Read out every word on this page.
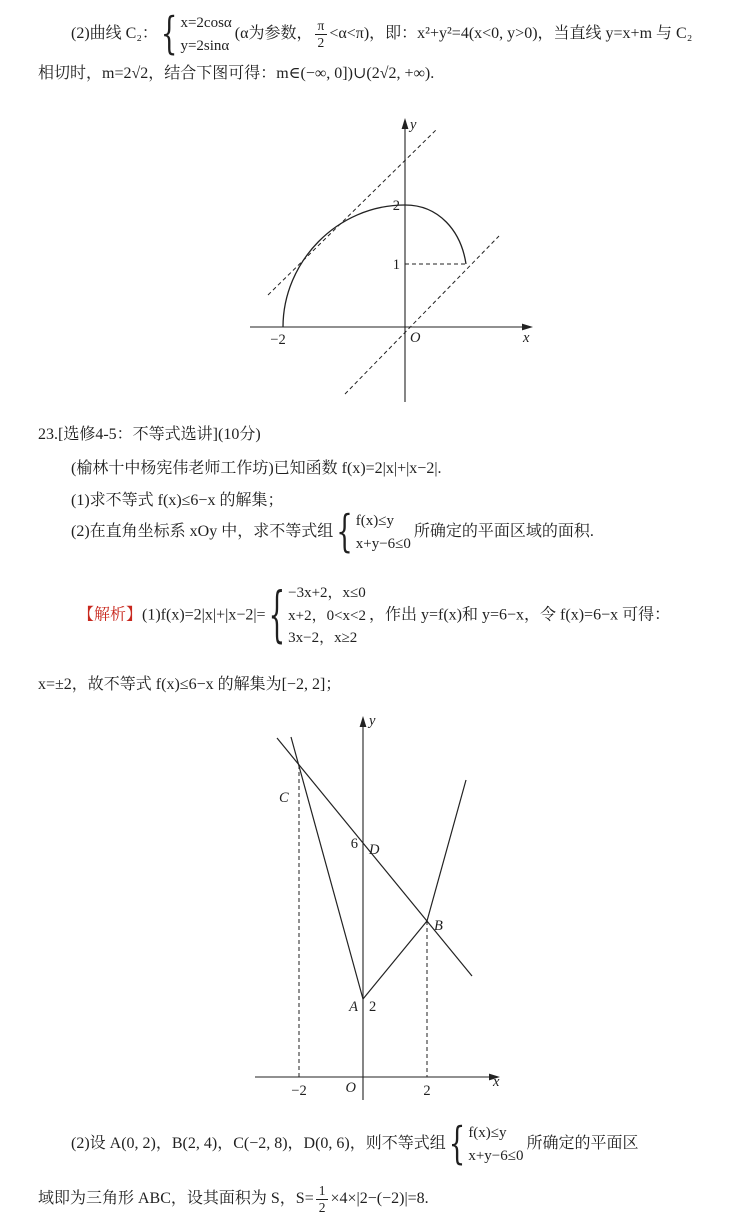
(2)曲线 C₂： { x=2cosα
y=2sinα
(α为参数， $\frac{\pi}{2} <\alpha<\pi$)，即：x²+y²=4(x<0, y>0)，当直线 y=x+m 与 C₂相切时，m=2√2，结合下图可得：m∈(−∞, 0])∪(2√2, +∞).
y
x
O
2
1
−2
23.[选修4-5：不等式选讲](10分)
(榆林十中杨宪伟老师工作坊)已知函数 f(x)=2|x|+|x−2|.
(1)求不等式 f(x)≤6−x 的解集；
(2)在直角坐标系 xOy 中，求不等式组 { f(x)≤y
x+y−6≤0
所确定的平面区域的面积.
【解析】(1)f(x)=2|x|+|x−2|= { −3x+2，x≤0
x+2，0<x<2
3x−2，x≥2
，作出 y=f(x)和 y=6−x，令 f(x)=6−x 可得：
x=±2，故不等式 f(x)≤6−x 的解集为[−2, 2]；
y
x
O
C
6 D
B
A 2
−2	2
(2)设 A(0, 2)，B(2, 4)，C(−2, 8)，D(0, 6)，则不等式组 { f(x)≤y
x+y−6≤0
所确定的平面区
域即为三角形 ABC，设其面积为 S，$S= \frac{1}{2} \times 4\times|2-(-2)|=8$.
